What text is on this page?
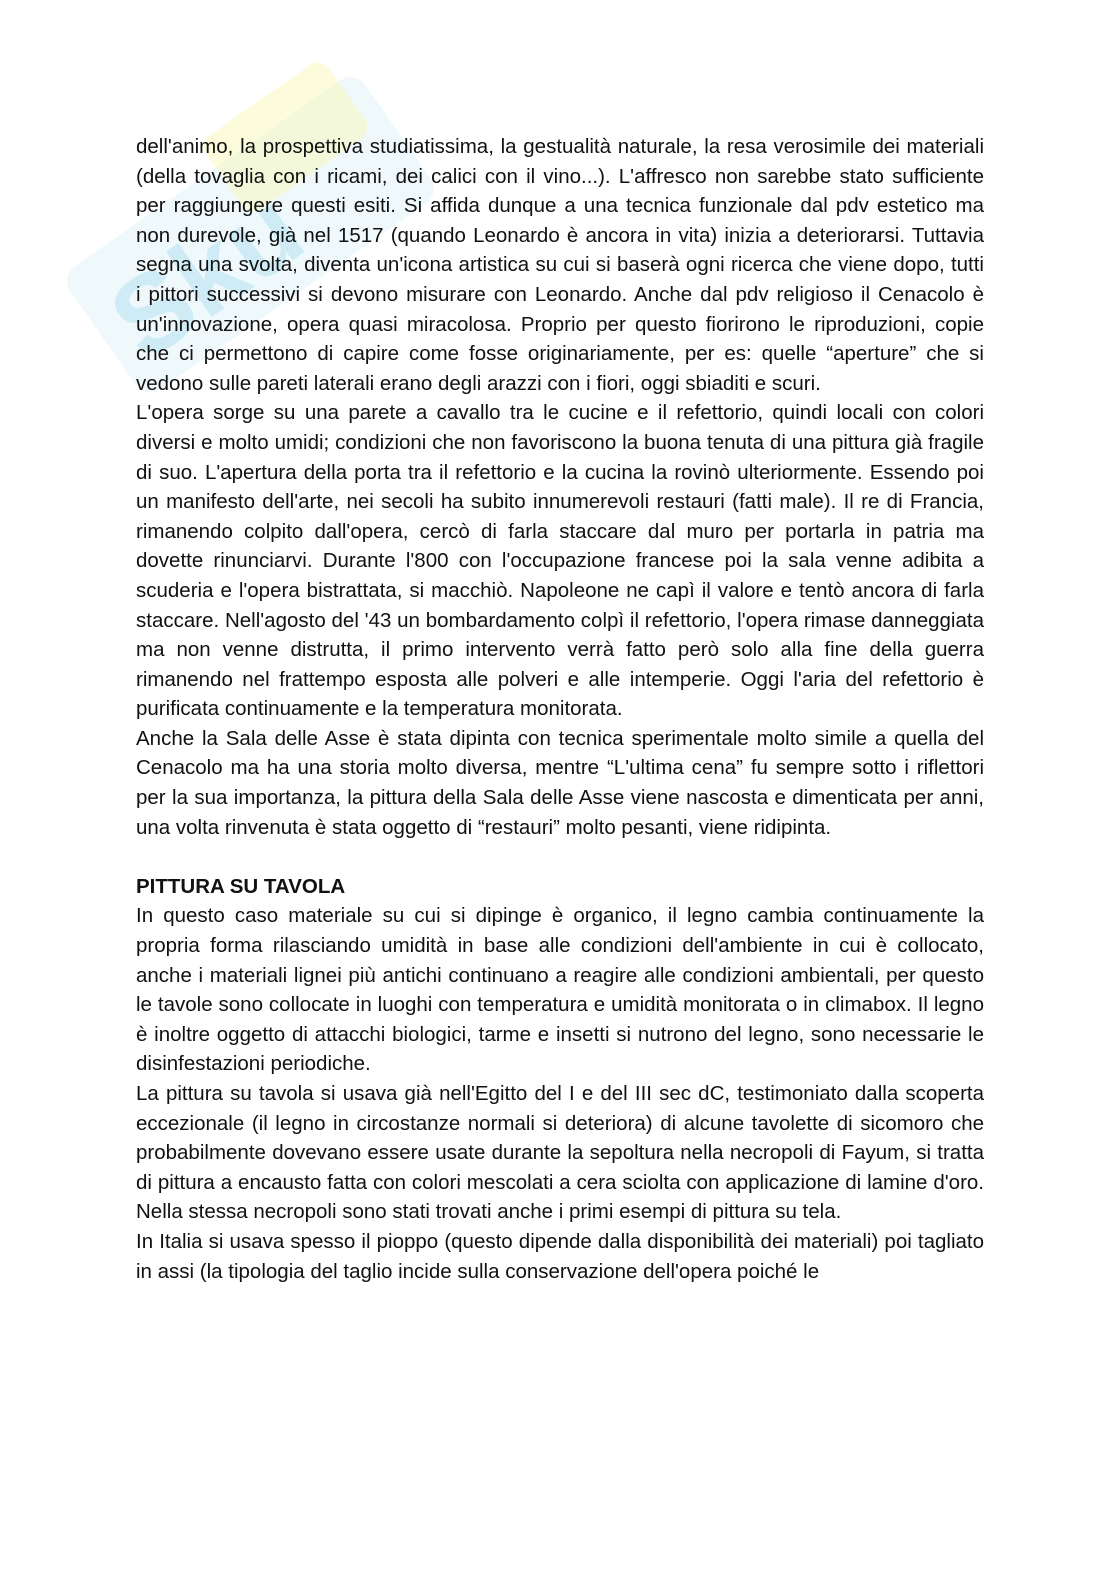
Sku

dell'animo, la prospettiva studiatissima, la gestualità naturale, la resa verosimile dei materiali (della tovaglia con i ricami, dei calici con il vino...). L'affresco non sarebbe stato sufficiente per raggiungere questi esiti. Si affida dunque a una tecnica funzionale dal pdv estetico ma non durevole, già nel 1517 (quando Leonardo è ancora in vita) inizia a deteriorarsi. Tuttavia segna una svolta, diventa un'icona artistica su cui si baserà ogni ricerca che viene dopo, tutti i pittori successivi si devono misurare con Leonardo. Anche dal pdv religioso il Cenacolo è un'innovazione, opera quasi miracolosa. Proprio per questo fiorirono le riproduzioni, copie che ci permettono di capire come fosse originariamente, per es: quelle “aperture” che si vedono sulle pareti laterali erano degli arazzi con i fiori, oggi sbiaditi e scuri.

L'opera sorge su una parete a cavallo tra le cucine e il refettorio, quindi locali con colori diversi e molto umidi; condizioni che non favoriscono la buona tenuta di una pittura già fragile di suo. L'apertura della porta tra il refettorio e la cucina la rovinò ulteriormente. Essendo poi un manifesto dell'arte, nei secoli ha subito innumerevoli restauri (fatti male). Il re di Francia, rimanendo colpito dall'opera, cercò di farla staccare dal muro per portarla in patria ma dovette rinunciarvi. Durante l'800 con l'occupazione francese poi la sala venne adibita a scuderia e l'opera bistrattata, si macchiò. Napoleone ne capì il valore e tentò ancora di farla staccare. Nell'agosto del '43 un bombardamento colpì il refettorio, l'opera rimase danneggiata ma non venne distrutta, il primo intervento verrà fatto però solo alla fine della guerra rimanendo nel frattempo esposta alle polveri e alle intemperie. Oggi l'aria del refettorio è purificata continuamente e la temperatura monitorata.

Anche la Sala delle Asse è stata dipinta con tecnica sperimentale molto simile a quella del Cenacolo ma ha una storia molto diversa, mentre “L'ultima cena” fu sempre sotto i riflettori per la sua importanza, la pittura della Sala delle Asse viene nascosta e dimenticata per anni, una volta rinvenuta è stata oggetto di “restauri” molto pesanti, viene ridipinta.

PITTURA SU TAVOLA

In questo caso materiale su cui si dipinge è organico, il legno cambia continuamente la propria forma rilasciando umidità in base alle condizioni dell'ambiente in cui è collocato, anche i materiali lignei più antichi continuano a reagire alle condizioni ambientali, per questo le tavole sono collocate in luoghi con temperatura e umidità monitorata o in climabox. Il legno è inoltre oggetto di attacchi biologici, tarme e insetti si nutrono del legno, sono necessarie le disinfestazioni periodiche.

La pittura su tavola si usava già nell'Egitto del I e del III sec dC, testimoniato dalla scoperta eccezionale (il legno in circostanze normali si deteriora) di alcune tavolette di sicomoro che probabilmente dovevano essere usate durante la sepoltura nella necropoli di Fayum, si tratta di pittura a encausto fatta con colori mescolati a cera sciolta con applicazione di lamine d'oro. Nella stessa necropoli sono stati trovati anche i primi esempi di pittura su tela.

In Italia si usava spesso il pioppo (questo dipende dalla disponibilità dei materiali) poi tagliato in assi (la tipologia del taglio incide sulla conservazione dell'opera poiché le
